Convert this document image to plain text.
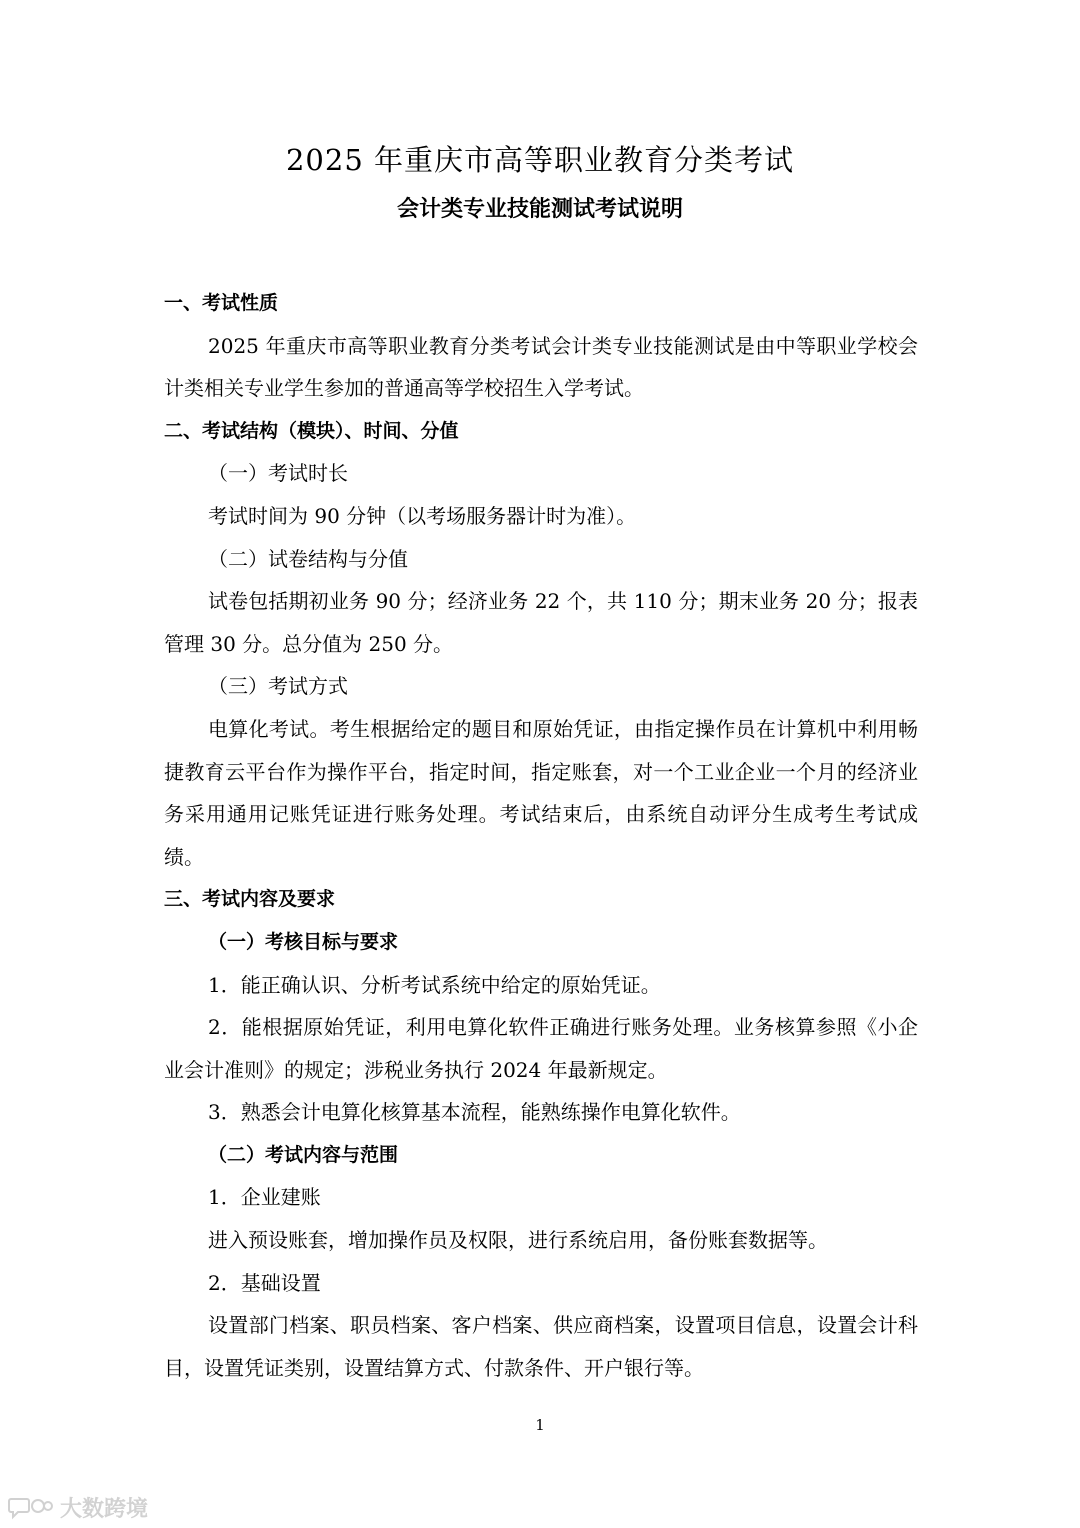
2025 年重庆市高等职业教育分类考试
会计类专业技能测试考试说明

一、考试性质

2025 年重庆市高等职业教育分类考试会计类专业技能测试是由中等职业学校会计类相关专业学生参加的普通高等学校招生入学考试。

二、考试结构（模块）、时间、分值

（一）考试时长

考试时间为 90 分钟（以考场服务器计时为准）。

（二）试卷结构与分值

试卷包括期初业务 90 分；经济业务 22 个，共 110 分；期末业务 20 分；报表管理 30 分。总分值为 250 分。

（三）考试方式

电算化考试。考生根据给定的题目和原始凭证，由指定操作员在计算机中利用畅捷教育云平台作为操作平台，指定时间，指定账套，对一个工业企业一个月的经济业务采用通用记账凭证进行账务处理。考试结束后，由系统自动评分生成考生考试成绩。

三、考试内容及要求

（一）考核目标与要求

1．能正确认识、分析考试系统中给定的原始凭证。

2．能根据原始凭证，利用电算化软件正确进行账务处理。业务核算参照《小企业会计准则》的规定；涉税业务执行 2024 年最新规定。

3．熟悉会计电算化核算基本流程，能熟练操作电算化软件。

（二）考试内容与范围

1．企业建账

进入预设账套，增加操作员及权限，进行系统启用，备份账套数据等。

2．基础设置

设置部门档案、职员档案、客户档案、供应商档案，设置项目信息，设置会计科目，设置凭证类别，设置结算方式、付款条件、开户银行等。

1
大数跨境
